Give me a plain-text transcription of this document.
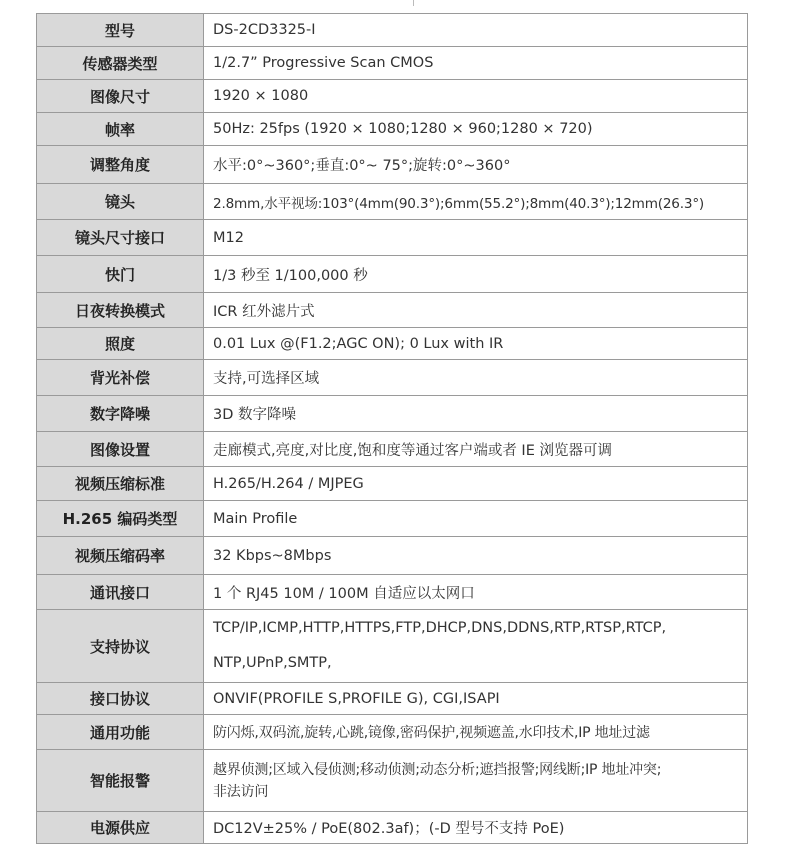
型号	DS-2CD3325-I
传感器类型	1/2.7” Progressive Scan CMOS
图像尺寸	1920 × 1080
帧率	50Hz: 25fps (1920 × 1080;1280 × 960;1280 × 720)
调整角度	水平:0°~360°;垂直:0°~ 75°;旋转:0°~360°
镜头	2.8mm,水平视场:103°(4mm(90.3°);6mm(55.2°);8mm(40.3°);12mm(26.3°)
镜头尺寸接口	M12
快门	1/3 秒至 1/100,000 秒
日夜转换模式	ICR 红外滤片式
照度	0.01 Lux @(F1.2;AGC ON); 0 Lux with IR
背光补偿	支持,可选择区域
数字降噪	3D 数字降噪
图像设置	走廊模式,亮度,对比度,饱和度等通过客户端或者 IE 浏览器可调
视频压缩标准	H.265/H.264 / MJPEG
H.265 编码类型	Main Profile
视频压缩码率	32 Kbps~8Mbps
通讯接口	1 个 RJ45 10M / 100M 自适应以太网口
支持协议	TCP/IP,ICMP,HTTP,HTTPS,FTP,DHCP,DNS,DDNS,RTP,RTSP,RTCP,
NTP,UPnP,SMTP,

接口协议	ONVIF(PROFILE S,PROFILE G), CGI,ISAPI
通用功能	防闪烁,双码流,旋转,心跳,镜像,密码保护,视频遮盖,水印技术,IP 地址过滤
智能报警	越界侦测;区域入侵侦测;移动侦测;动态分析;遮挡报警;网线断;IP 地址冲突;
非法访问

电源供应	DC12V±25% / PoE(802.3af)；(-D 型号不支持 PoE)
